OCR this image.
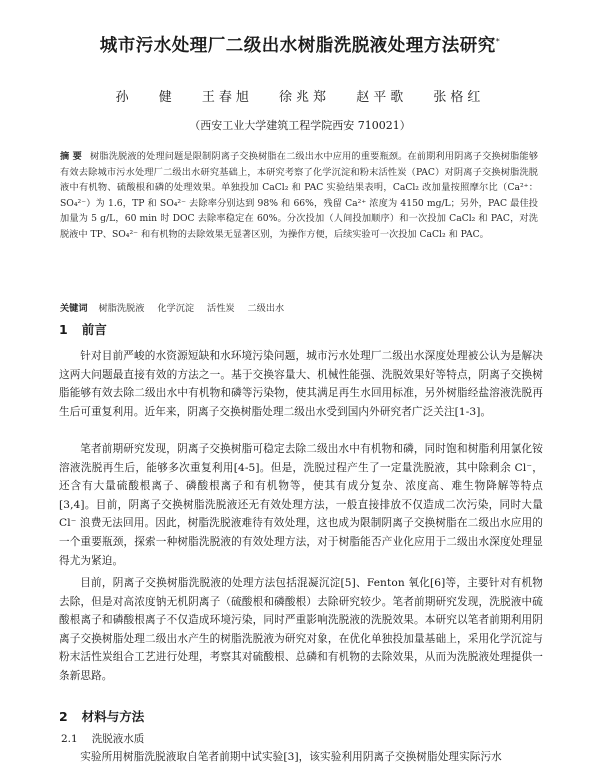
城市污水处理厂二级出水树脂洗脱液处理方法研究*
孙 健 王春旭 徐兆郑 赵平歌 张格红
（西安工业大学建筑工程学院西安 710021）
摘 要 树脂洗脱液的处理问题是限制阴离子交换树脂在二级出水中应用的重要瓶颈。在前期利用阴离子交换树脂能够有效去除城市污水处理厂二级出水研究基础上，本研究考察了化学沉淀和粉末活性炭（PAC）对阴离子交换树脂洗脱液中有机物、硫酸根和磷的处理效果。单独投加 CaCl₂ 和 PAC 实验结果表明，CaCl₂ 改加量按照摩尔比（Ca²⁺：SO₄²⁻）为 1.6，TP 和 SO₄²⁻ 去除率分别达到 98% 和 66%，残留 Ca²⁺ 浓度为 4150 mg/L；另外，PAC 最佳投加量为 5 g/L，60 min 时 DOC 去除率稳定在 60%。分次投加（人间投加顺序）和一次投加 CaCl₂ 和 PAC，对洗脱液中 TP、SO₄²⁻ 和有机物的去除效果无显著区别，为操作方便，后续实验可一次投加 CaCl₂ 和 PAC。
关键词 树脂洗脱液 化学沉淀 活性炭 二级出水
1 前言
针对目前严峻的水资源短缺和水环境污染问题，城市污水处理厂二级出水深度处理被公认为是解决这两大问题最直接有效的方法之一。基于交换容量大、机械性能强、洗脱效果好等特点，阴离子交换树脂能够有效去除二级出水中有机物和磷等污染物，使其满足再生水回用标准，另外树脂经盐溶液洗脱再生后可重复利用。近年来，阴离子交换树脂处理二级出水受到国内外研究者广泛关注[1-3]。
笔者前期研究发现，阴离子交换树脂可稳定去除二级出水中有机物和磷，同时饱和树脂利用氯化铵溶液洗脱再生后，能够多次重复利用[4-5]。但是，洗脱过程产生了一定量洗脱液，其中除剩余 Cl⁻，还含有大量硫酸根离子、磷酸根离子和有机物等，使其有成分复杂、浓度高、难生物降解等特点[3,4]。目前，阴离子交换树脂洗脱液还无有效处理方法，一般直接排放不仅造成二次污染，同时大量 Cl⁻ 浪费无法回用。因此，树脂洗脱液难待有效处理，这也成为限制阴离子交换树脂在二级出水应用的一个重要瓶颈，探索一种树脂洗脱液的有效处理方法，对于树脂能否产业化应用于二级出水深度处理显得尤为紧迫。
目前，阴离子交换树脂洗脱液的处理方法包括混凝沉淀[5]、Fenton 氧化[6]等，主要针对有机物去除，但是对高浓度钠无机阴离子（硫酸根和磷酸根）去除研究较少。笔者前期研究发现，洗脱液中硫酸根离子和磷酸根离子不仅造成环境污染，同时严重影响洗脱液的洗脱效果。本研究以笔者前期利用阴离子交换树脂处理二级出水产生的树脂洗脱液为研究对象，在优化单独投加量基础上，采用化学沉淀与粉末活性炭组合工艺进行处理，考察其对硫酸根、总磷和有机物的去除效果，从而为洗脱液处理提供一条新思路。
2 材料与方法
2.1 洗脱液水质
实验所用树脂洗脱液取自笔者前期中试实验[3]，该实验利用阴离子交换树脂处理实际污水
